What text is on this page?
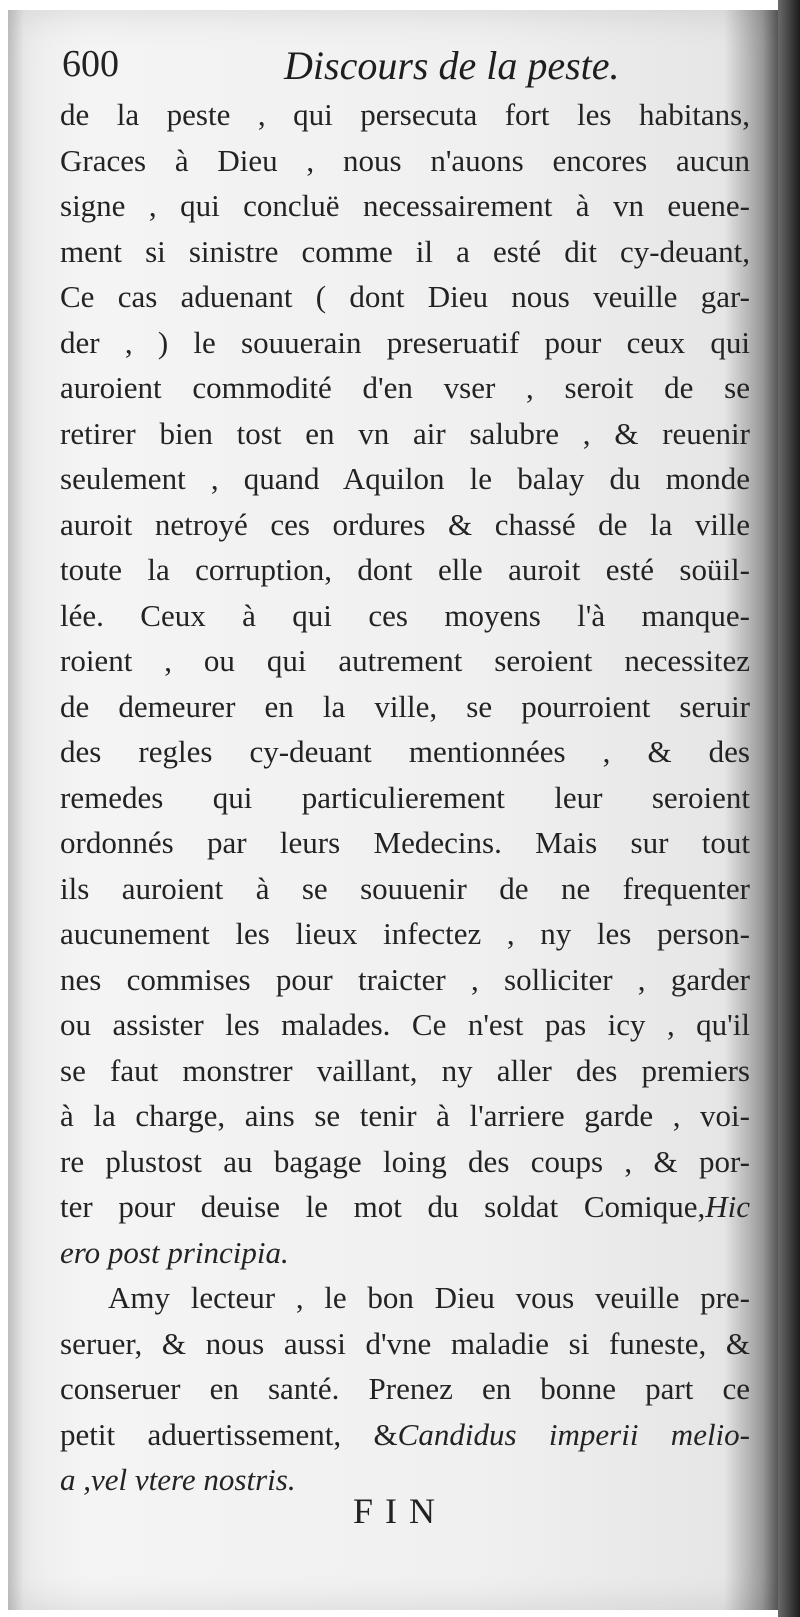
600	Discours de la peste.
de la peste , qui persecuta fort les habitans,
Graces à Dieu , nous n'auons encores aucun
signe , qui concluë necessairement à vn euene-
ment si sinistre comme il a esté dit cy-deuant,
Ce cas aduenant ( dont Dieu nous veuille gar-
der , ) le souuerain preseruatif pour ceux qui
auroient commodité d'en vser , seroit de se
retirer bien tost en vn air salubre , & reuenir
seulement , quand Aquilon le balay du monde
auroit netroyé ces ordures & chassé de la ville
toute la corruption, dont elle auroit esté soüil-
lée. Ceux à qui ces moyens l'à manque-
roient , ou qui autrement seroient necessitez
de demeurer en la ville, se pourroient seruir
des regles cy-deuant mentionnées , & des
remedes qui particulierement leur seroient
ordonnés par leurs Medecins. Mais sur tout
ils auroient à se souuenir de ne frequenter
aucunement les lieux infectez , ny les person-
nes commises pour traicter , solliciter , garder
ou assister les malades. Ce n'est pas icy , qu'il
se faut monstrer vaillant, ny aller des premiers
à la charge, ains se tenir à l'arriere garde , voi-
re plustost au bagage loing des coups , & por-
ter pour deuise le mot du soldat Comique,Hic
ero post principia.
Amy lecteur , le bon Dieu vous veuille pre-
seruer, & nous aussi d'vne maladie si funeste, &
conseruer en santé. Prenez en bonne part ce
petit aduertissement, &Candidus imperii melio-
a ,vel vtere nostris.
FIN
